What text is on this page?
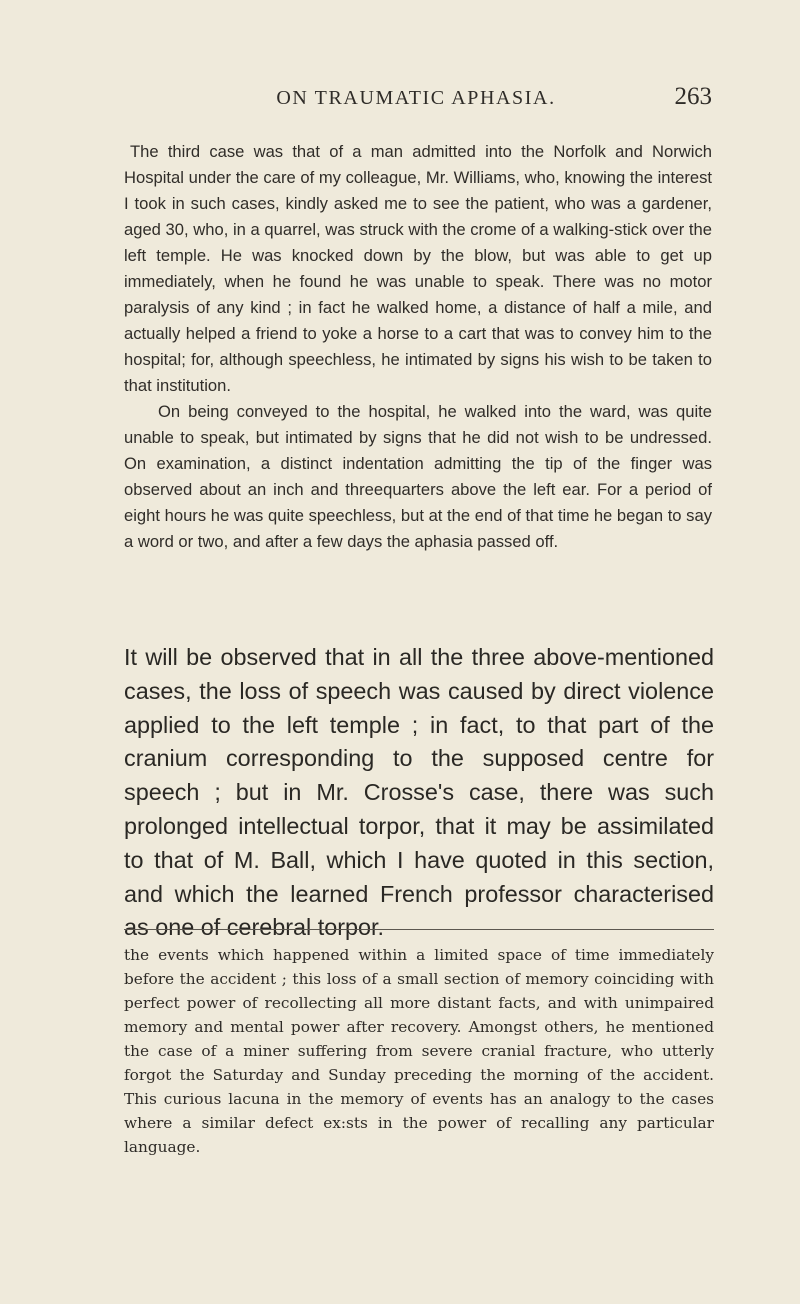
ON TRAUMATIC APHASIA.	263

The third case was that of a man admitted into the Norfolk and Norwich Hospital under the care of my colleague, Mr. Williams, who, knowing the interest I took in such cases, kindly asked me to see the patient, who was a gardener, aged 30, who, in a quarrel, was struck with the crome of a walking-stick over the left temple. He was knocked down by the blow, but was able to get up immediately, when he found he was unable to speak. There was no motor paralysis of any kind ; in fact he walked home, a distance of half a mile, and actually helped a friend to yoke a horse to a cart that was to convey him to the hospital; for, although speechless, he intimated by signs his wish to be taken to that institution.

On being conveyed to the hospital, he walked into the ward, was quite unable to speak, but intimated by signs that he did not wish to be undressed. On examination, a distinct indentation admitting the tip of the finger was observed about an inch and threequarters above the left ear. For a period of eight hours he was quite speechless, but at the end of that time he began to say a word or two, and after a few days the aphasia passed off.

It will be observed that in all the three above-mentioned cases, the loss of speech was caused by direct violence applied to the left temple ; in fact, to that part of the cranium corresponding to the supposed centre for speech ; but in Mr. Crosse's case, there was such prolonged intellectual torpor, that it may be assimilated to that of M. Ball, which I have quoted in this section, and which the learned French professor characterised as one of cerebral torpor.

the events which happened within a limited space of time immediately before the accident ; this loss of a small section of memory coinciding with perfect power of recollecting all more distant facts, and with unimpaired memory and mental power after recovery. Amongst others, he mentioned the case of a miner suffering from severe cranial fracture, who utterly forgot the Saturday and Sunday preceding the morning of the accident. This curious lacuna in the memory of events has an analogy to the cases where a similar defect ex:sts in the power of recalling any particular language.
